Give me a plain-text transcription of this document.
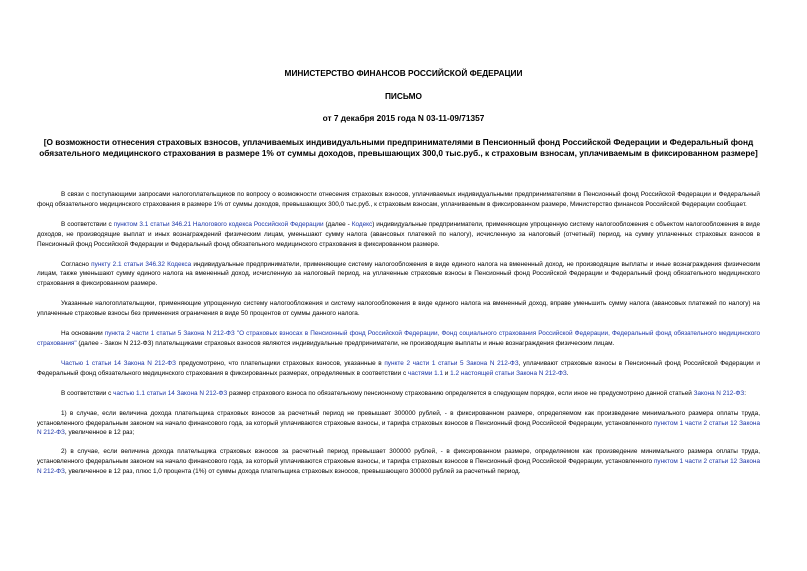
МИНИСТЕРСТВО ФИНАНСОВ РОССИЙСКОЙ ФЕДЕРАЦИИ
ПИСЬМО
от 7 декабря 2015 года N 03-11-09/71357
[О возможности отнесения страховых взносов, уплачиваемых индивидуальными предпринимателями в Пенсионный фонд Российской Федерации и Федеральный фонд обязательного медицинского страхования в размере 1% от суммы доходов, превышающих 300,0 тыс.руб., к страховым взносам, уплачиваемым в фиксированном размере]

В связи с поступающими запросами налогоплательщиков по вопросу о возможности отнесения страховых взносов, уплачиваемых индивидуальными предпринимателями в Пенсионный фонд Российской Федерации и Федеральный фонд обязательного медицинского страхования в размере 1% от суммы доходов, превышающих 300,0 тыс.руб., к страховым взносам, уплачиваемым в фиксированном размере, Министерство финансов Российской Федерации сообщает.

В соответствии с пунктом 3.1 статьи 346.21 Налогового кодекса Российской Федерации (далее - Кодекс) индивидуальные предприниматели, применяющие упрощенную систему налогообложения с объектом налогообложения в виде доходов, не производящие выплат и иных вознаграждений физическим лицам, уменьшают сумму налога (авансовых платежей по налогу), исчисленную за налоговый (отчетный) период, на сумму уплаченных страховых взносов в Пенсионный фонд Российской Федерации и Федеральный фонд обязательного медицинского страхования в фиксированном размере.

Согласно пункту 2.1 статьи 346.32 Кодекса индивидуальные предприниматели, применяющие систему налогообложения в виде единого налога на вмененный доход, не производящие выплаты и иные вознаграждения физическим лицам, также уменьшают сумму единого налога на вмененный доход, исчисленную за налоговый период, на уплаченные страховые взносы в Пенсионный фонд Российской Федерации и Федеральный фонд обязательного медицинского страхования в фиксированном размере.

Указанные налогоплательщики, применяющие упрощенную систему налогообложения и систему налогообложения в виде единого налога на вмененный доход, вправе уменьшить сумму налога (авансовых платежей по налогу) на уплаченные страховые взносы без применения ограничения в виде 50 процентов от суммы данного налога.

На основании пункта 2 части 1 статьи 5 Закона N 212-ФЗ "О страховых взносах в Пенсионный фонд Российской Федерации, Фонд социального страхования Российской Федерации, Федеральный фонд обязательного медицинского страхования" (далее - Закон N 212-ФЗ) плательщиками страховых взносов являются индивидуальные предприниматели, не производящие выплаты и иные вознаграждения физическим лицам.

Частью 1 статьи 14 Закона N 212-ФЗ предусмотрено, что плательщики страховых взносов, указанные в пункте 2 части 1 статьи 5 Закона N 212-ФЗ, уплачивают страховые взносы в Пенсионный фонд Российской Федерации и Федеральный фонд обязательного медицинского страхования в фиксированных размерах, определяемых в соответствии с частями 1.1 и 1.2 настоящей статьи Закона N 212-ФЗ.

В соответствии с частью 1.1 статьи 14 Закона N 212-ФЗ размер страхового взноса по обязательному пенсионному страхованию определяется в следующем порядке, если иное не предусмотрено данной статьей Закона N 212-ФЗ:

1) в случае, если величина дохода плательщика страховых взносов за расчетный период не превышает 300000 рублей, - в фиксированном размере, определяемом как произведение минимального размера оплаты труда, установленного федеральным законом на начало финансового года, за который уплачиваются страховые взносы, и тарифа страховых взносов в Пенсионный фонд Российской Федерации, установленного пунктом 1 части 2 статьи 12 Закона N 212-ФЗ, увеличенное в 12 раз;

2) в случае, если величина дохода плательщика страховых взносов за расчетный период превышает 300000 рублей, - в фиксированном размере, определяемом как произведение минимального размера оплаты труда, установленного федеральным законом на начало финансового года, за который уплачиваются страховые взносы, и тарифа страховых взносов в Пенсионный фонд Российской Федерации, установленного пунктом 1 части 2 статьи 12 Закона N 212-ФЗ, увеличенное в 12 раз, плюс 1,0 процента (1%) от суммы дохода плательщика страховых взносов, превышающего 300000 рублей за расчетный период.
